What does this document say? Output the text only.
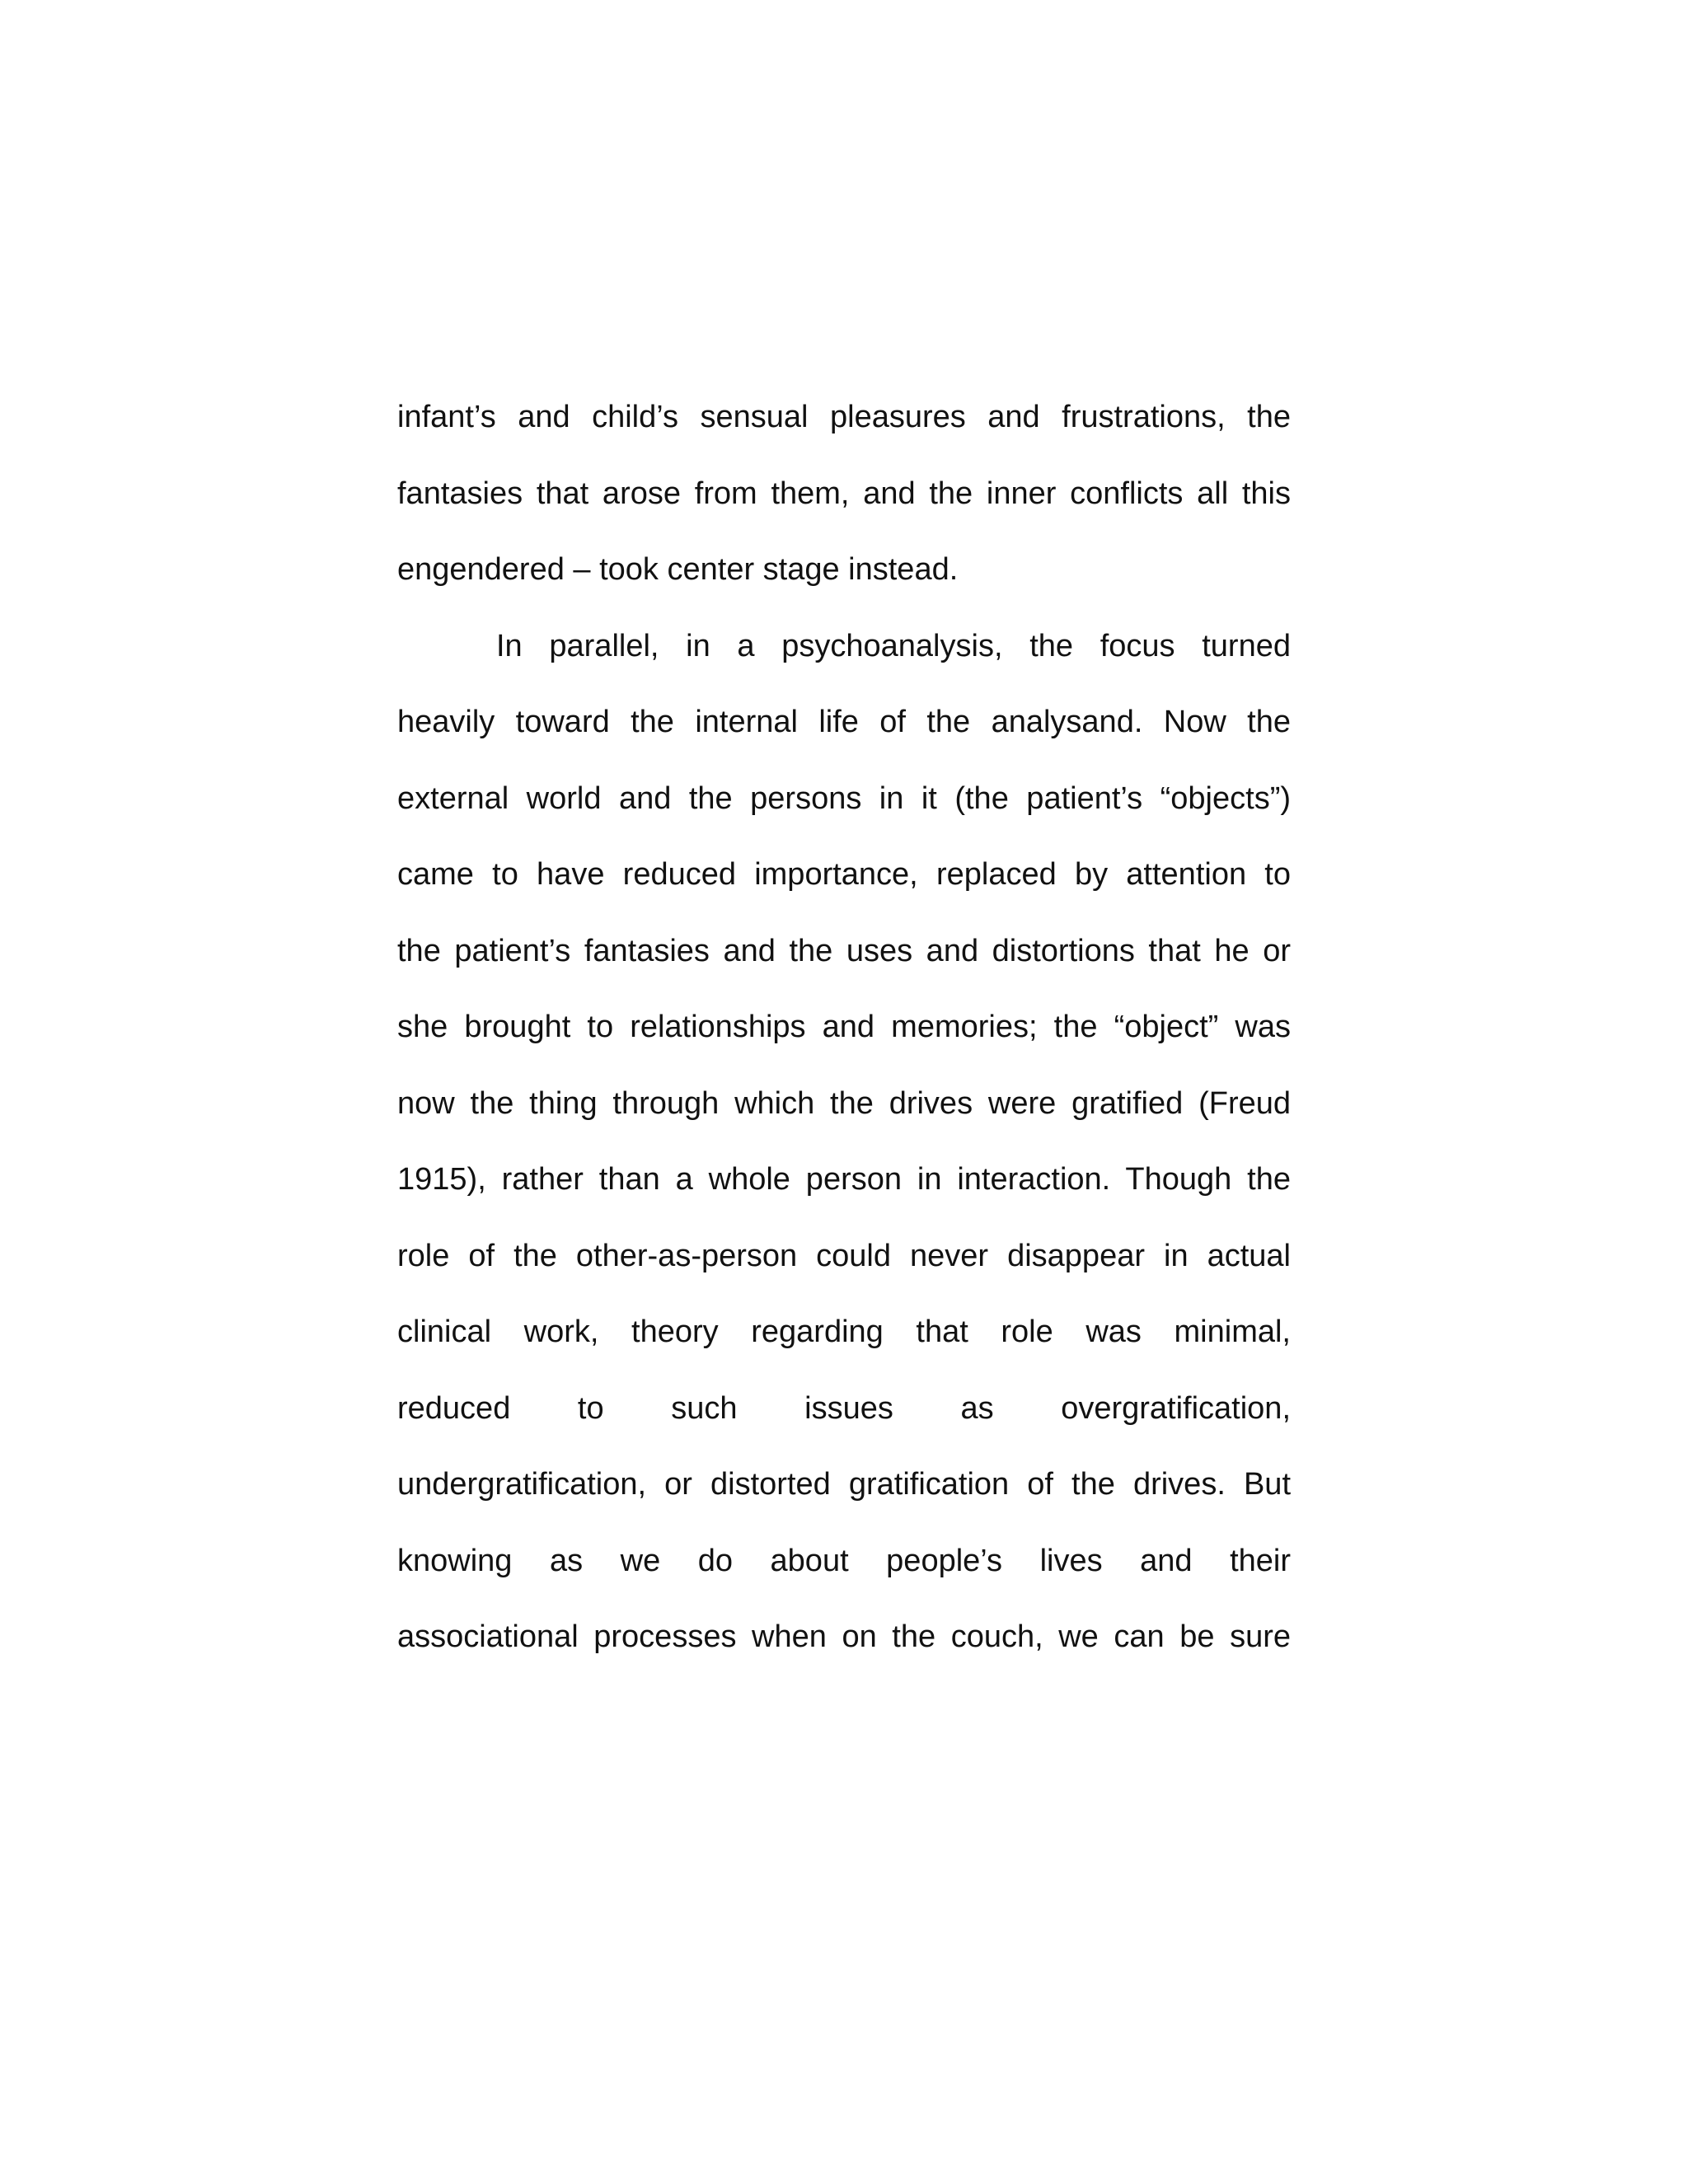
infant’s and child’s sensual pleasures and frustrations, the
fantasies that arose from them, and the inner conflicts all this
engendered – took center stage instead.
In parallel, in a psychoanalysis, the focus turned
heavily toward the internal life of the analysand. Now the
external world and the persons in it (the patient’s “objects”)
came to have reduced importance, replaced by attention to
the patient’s fantasies and the uses and distortions that he or
she brought to relationships and memories; the “object” was
now the thing through which the drives were gratified (Freud
1915), rather than a whole person in interaction. Though the
role of the other-as-person could never disappear in actual
clinical work, theory regarding that role was minimal,
reduced to such issues as overgratification,
undergratification, or distorted gratification of the drives. But
knowing as we do about people’s lives and their
associational processes when on the couch, we can be sure
